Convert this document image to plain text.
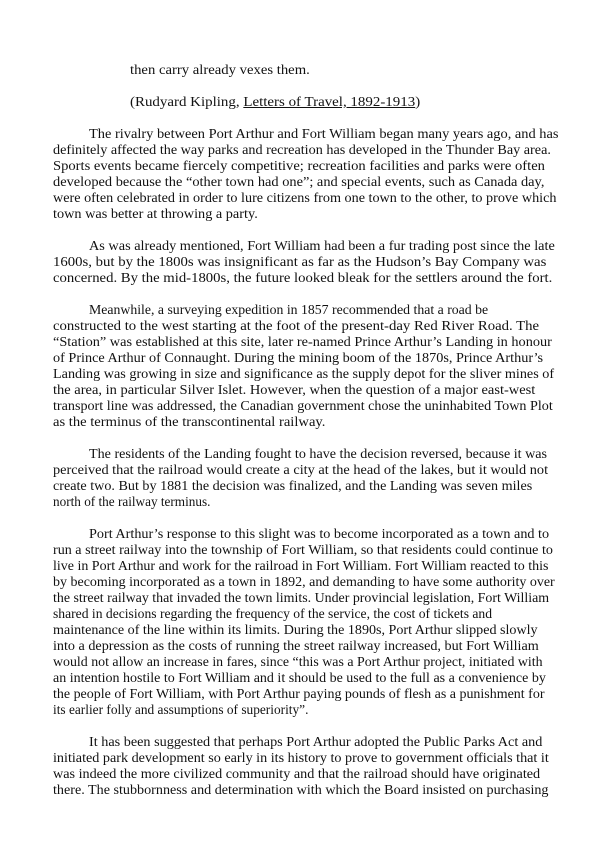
then carry already vexes them.
(Rudyard Kipling, Letters of Travel, 1892-1913)
The rivalry between Port Arthur and Fort William began many years ago, and has
definitely affected the way parks and recreation has developed in the Thunder Bay area.
Sports events became fiercely competitive; recreation facilities and parks were often
developed because the “other town had one”; and special events, such as Canada day,
were often celebrated in order to lure citizens from one town to the other, to prove which
town was better at throwing a party.
As was already mentioned, Fort William had been a fur trading post since the late
1600s, but by the 1800s was insignificant as far as the Hudson’s Bay Company was
concerned. By the mid-1800s, the future looked bleak for the settlers around the fort.
Meanwhile, a surveying expedition in 1857 recommended that a road be
constructed to the west starting at the foot of the present-day Red River Road. The
“Station” was established at this site, later re-named Prince Arthur’s Landing in honour
of Prince Arthur of Connaught. During the mining boom of the 1870s, Prince Arthur’s
Landing was growing in size and significance as the supply depot for the sliver mines of
the area, in particular Silver Islet. However, when the question of a major east-west
transport line was addressed, the Canadian government chose the uninhabited Town Plot
as the terminus of the transcontinental railway.
The residents of the Landing fought to have the decision reversed, because it was
perceived that the railroad would create a city at the head of the lakes, but it would not
create two. But by 1881 the decision was finalized, and the Landing was seven miles
north of the railway terminus.
Port Arthur’s response to this slight was to become incorporated as a town and to
run a street railway into the township of Fort William, so that residents could continue to
live in Port Arthur and work for the railroad in Fort William. Fort William reacted to this
by becoming incorporated as a town in 1892, and demanding to have some authority over
the street railway that invaded the town limits. Under provincial legislation, Fort William
shared in decisions regarding the frequency of the service, the cost of tickets and
maintenance of the line within its limits. During the 1890s, Port Arthur slipped slowly
into a depression as the costs of running the street railway increased, but Fort William
would not allow an increase in fares, since “this was a Port Arthur project, initiated with
an intention hostile to Fort William and it should be used to the full as a convenience by
the people of Fort William, with Port Arthur paying pounds of flesh as a punishment for
its earlier folly and assumptions of superiority”.
It has been suggested that perhaps Port Arthur adopted the Public Parks Act and
initiated park development so early in its history to prove to government officials that it
was indeed the more civilized community and that the railroad should have originated
there. The stubbornness and determination with which the Board insisted on purchasing
